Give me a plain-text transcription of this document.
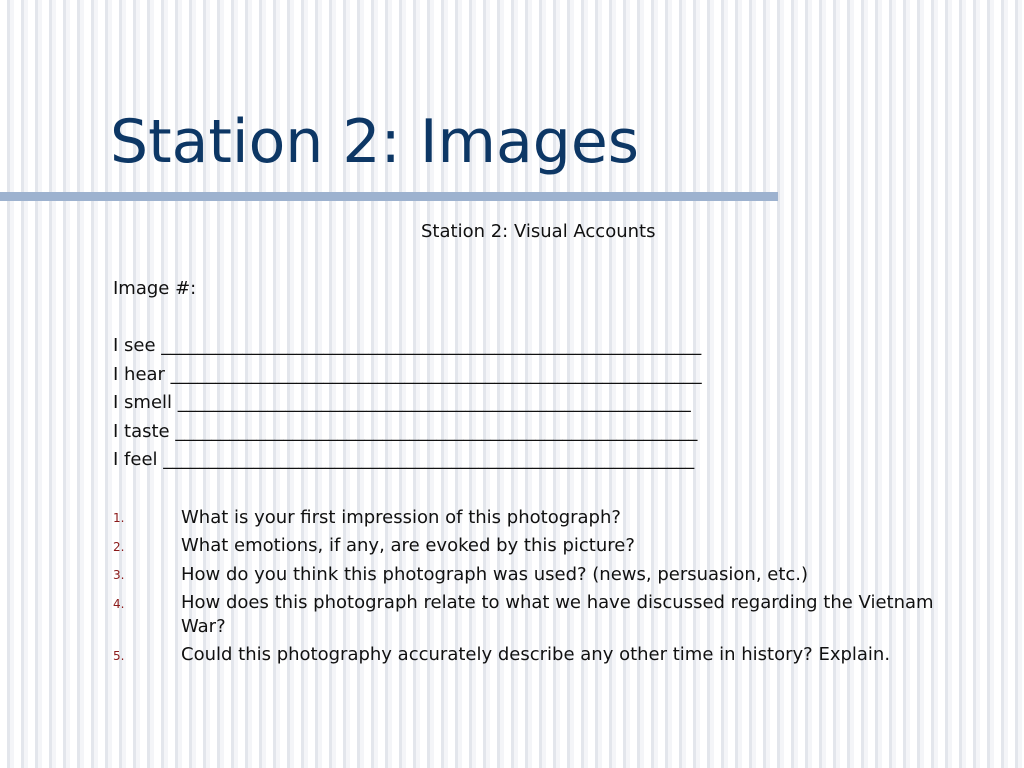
Station 2: Images

Station 2: Visual Accounts

Image #:

I see ____________________________________________________________
I hear ___________________________________________________________
I smell _________________________________________________________
I taste __________________________________________________________
I feel ___________________________________________________________
1.	What is your first impression of this photograph?
2.	What emotions, if any, are evoked by this picture?
3.	How do you think this photograph was used? (news, persuasion, etc.)
4.	How does this photograph relate to what we have discussed regarding the Vietnam War?
5.	Could this photography accurately describe any other time in history? Explain.
